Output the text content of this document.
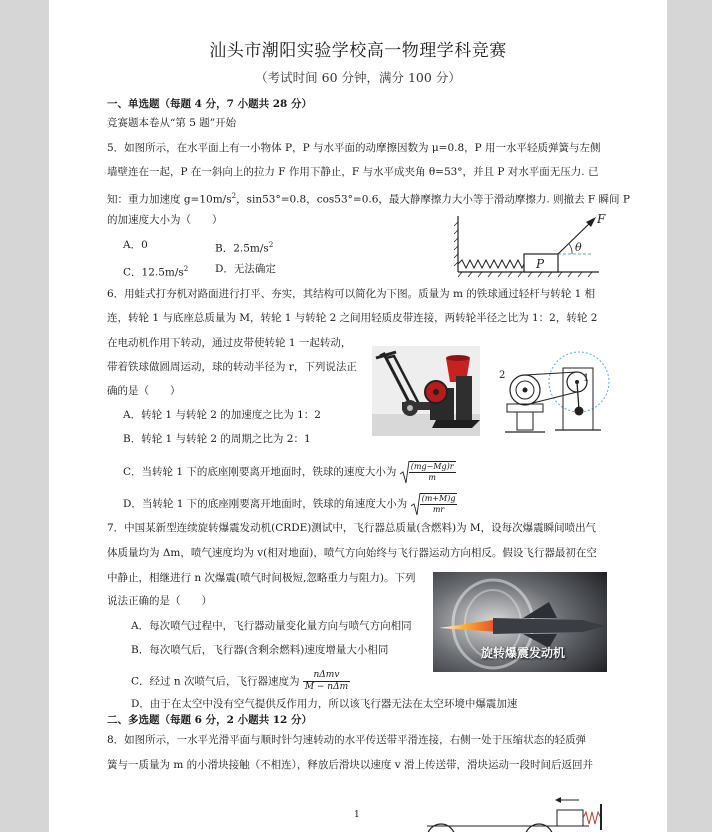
汕头市潮阳实验学校高一物理学科竞赛
（考试时间 60 分钟，满分 100 分）
一、单选题（每题 4 分，7 小题共 28 分）
竞赛题本卷从“第 5 题”开始
5．如图所示，在水平面上有一小物体 P，P 与水平面的动摩擦因数为 μ=0.8，P 用一水平轻质弹簧与左侧
墙壁连在一起，P 在一斜向上的拉力 F 作用下静止，F 与水平成夹角 θ=53°，并且 P 对水平面无压力. 已
知：重力加速度 $g=10m/s^2$，sin53°=0.8，cos53°=0.6，最大静摩擦力大小等于滑动摩擦力. 则撤去 F 瞬间 P
的加速度大小为（　　）
A．0	B．$2.5m/s^2$
C．$12.5m/s^2$	D．无法确定	P
F
θ
6．用蛙式打夯机对路面进行打平、夯实，其结构可以简化为下图。质量为 m 的铁球通过轻杆与转轮 1 相
连，转轮 1 与底座总质量为 M，转轮 1 与转轮 2 之间用轻质皮带连接，两转轮半径之比为 1：2，转轮 2
在电动机作用下转动，通过皮带使转轮 1 一起转动，
带着铁球做圆周运动，球的转动半径为 r，下列说法正
确的是（　　）
A．转轮 1 与转轮 2 的加速度之比为 1：2
B．转轮 1 与转轮 2 的周期之比为 2：1
C．当转轮 1 下的底座刚要离开地面时，铁球的速度大小为 $\frac{(mg-Mg)r}{m}$
D．当转轮 1 下的底座刚要离开地面时，铁球的角速度大小为 $\frac{(m+M)g}{mr}$
2	1
7．中国某新型连续旋转爆震发动机(CRDE)测试中，飞行器总质量(含燃料)为 M，设每次爆震瞬间喷出气
体质量均为 Δm，喷气速度均为 v(相对地面)，喷气方向始终与飞行器运动方向相反。假设飞行器最初在空
中静止，相继进行 n 次爆震(喷气时间极短,忽略重力与阻力)。下列
说法正确的是（　　）
A．每次喷气过程中，飞行器动量变化量方向与喷气方向相同
B．每次喷气后，飞行器(含剩余燃料)速度增量大小相同
C．经过 n 次喷气后，飞行器速度为 $\frac{\text{nΔmv}}{\text{M − nΔm}}$
D．由于在太空中没有空气提供反作用力，所以该飞行器无法在太空环境中爆震加速
旋转爆震发动机
二、多选题（每题 6 分，2 小题共 12 分）
8．如图所示，一水平光滑平面与顺时针匀速转动的水平传送带平滑连接，右侧一处于压缩状态的轻质弹
簧与一质量为 m 的小滑块接触（不相连），释放后滑块以速度 v 滑上传送带，滑块运动一段时间后返回并
1
